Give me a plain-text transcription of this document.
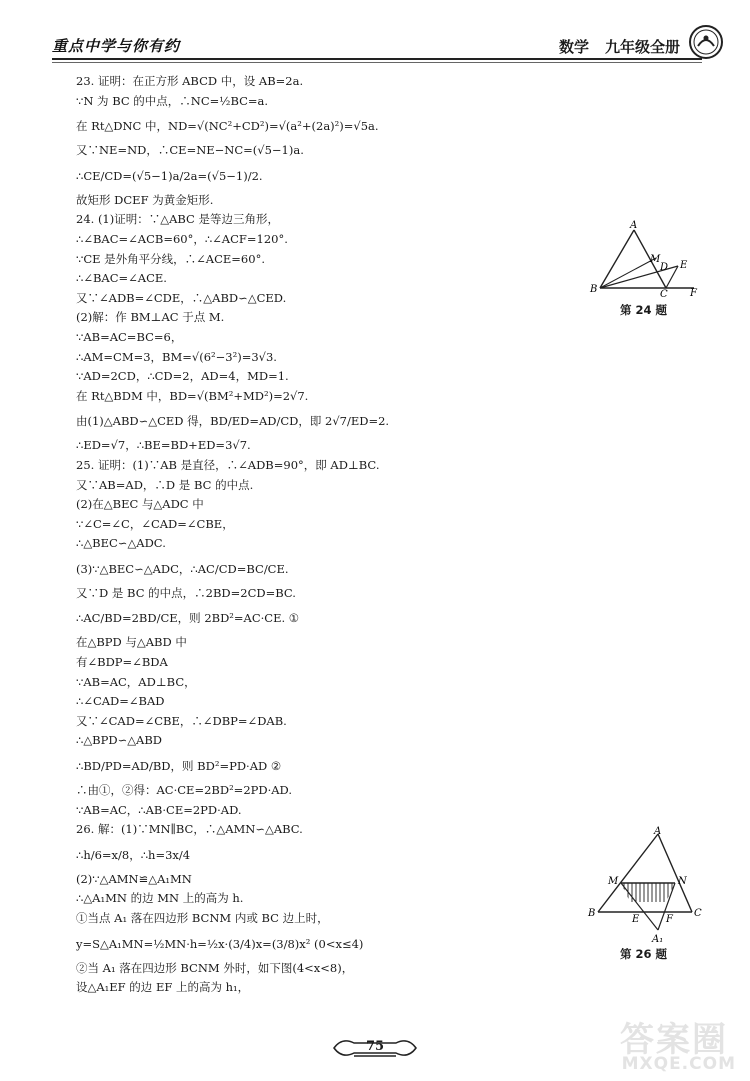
重点中学与你有约	数学 九年级全册
23. 证明：在正方形 ABCD 中，设 AB=2a.
∵N 为 BC 的中点，∴NC=½BC=a.
在 Rt△DNC 中，ND=√(NC²+CD²)=√(a²+(2a)²)=√5a.
又∵NE=ND，∴CE=NE−NC=(√5−1)a.
∴CE/CD=(√5−1)a/2a=(√5−1)/2.
故矩形 DCEF 为黄金矩形.
24. (1)证明：∵△ABC 是等边三角形，
∴∠BAC=∠ACB=60°，∴∠ACF=120°.
∵CE 是外角平分线，∴∠ACE=60°.
∴∠BAC=∠ACE.
又∵∠ADB=∠CDE，∴△ABD∽△CED.
(2)解：作 BM⊥AC 于点 M.
∵AB=AC=BC=6，
∴AM=CM=3，BM=√(6²−3²)=3√3.
∵AD=2CD，∴CD=2，AD=4，MD=1.
在 Rt△BDM 中，BD=√(BM²+MD²)=2√7.
由(1)△ABD∽△CED 得，BD/ED=AD/CD，即 2√7/ED=2.
∴ED=√7，∴BE=BD+ED=3√7.
25. 证明：(1)∵AB 是直径，∴∠ADB=90°，即 AD⊥BC.
又∵AB=AD，∴D 是 BC 的中点.
(2)在△BEC 与△ADC 中
∵∠C=∠C，∠CAD=∠CBE，
∴△BEC∽△ADC.
(3)∵△BEC∽△ADC，∴AC/CD=BC/CE.
又∵D 是 BC 的中点，∴2BD=2CD=BC.
∴AC/BD=2BD/CE，则 2BD²=AC·CE. ①
在△BPD 与△ABD 中
有∠BDP=∠BDA
∵AB=AC，AD⊥BC，
∴∠CAD=∠BAD
又∵∠CAD=∠CBE，∴∠DBP=∠DAB.
∴△BPD∽△ABD
∴BD/PD=AD/BD，则 BD²=PD·AD ②
∴由①，②得：AC·CE=2BD²=2PD·AD.
∵AB=AC，∴AB·CE=2PD·AD.
26. 解：(1)∵MN∥BC，∴△AMN∽△ABC.
∴h/6=x/8，∴h=3x/4
(2)∵△AMN≌△A₁MN
∴△A₁MN 的边 MN 上的高为 h.
①当点 A₁ 落在四边形 BCNM 内或 BC 边上时，
y=S△A₁MN=½MN·h=½x·(3/4)x=(3/8)x² (0<x≤4)
②当 A₁ 落在四边形 BCNM 外时，如下图(4<x<8)，
设△A₁EF 的边 EF 上的高为 h₁，
A
B	C
D E
F
M
第 24 题
A
B	C
M	N
E	F
A₁
第 26 题
75	答案圈
MXQE.COM
